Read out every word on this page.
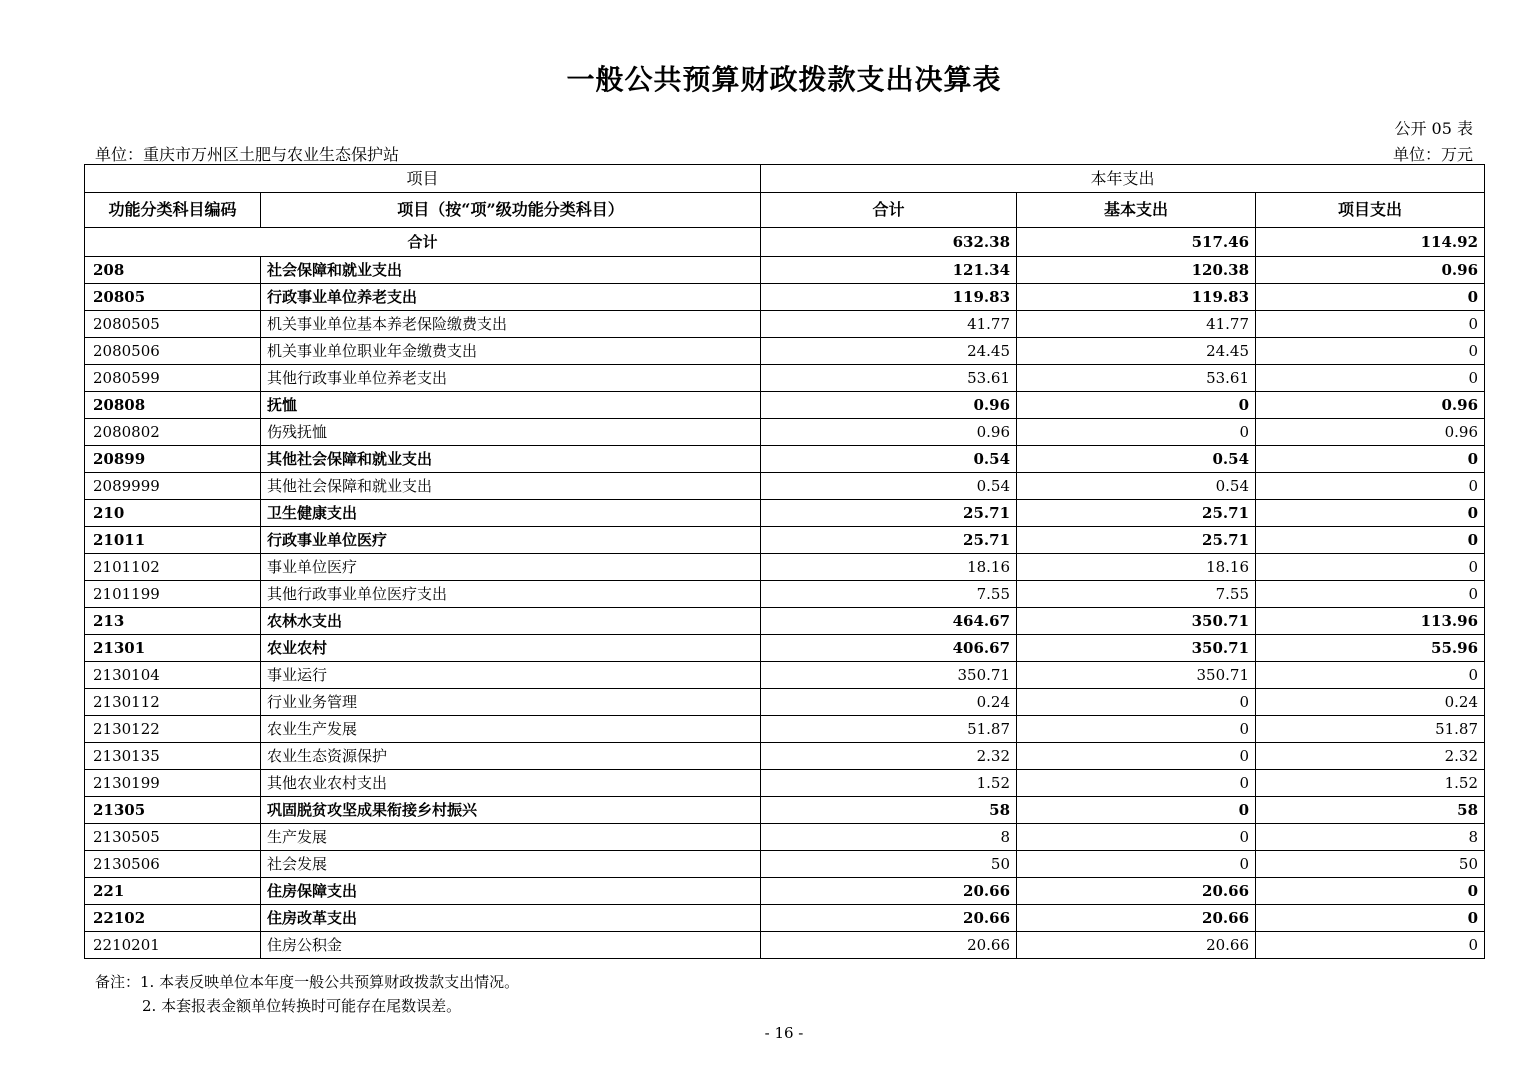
一般公共预算财政拨款支出决算表
公开 05 表
单位：重庆市万州区土肥与农业生态保护站	单位：万元
项目		本年支出		
功能分类科目编码	项目（按“项”级功能分类科目）	合计	基本支出	项目支出
合计		632.38	517.46	114.92
208	社会保障和就业支出	121.34	120.38	0.96
20805	行政事业单位养老支出	119.83	119.83	0
2080505	机关事业单位基本养老保险缴费支出	41.77	41.77	0
2080506	机关事业单位职业年金缴费支出	24.45	24.45	0
2080599	其他行政事业单位养老支出	53.61	53.61	0
20808	抚恤	0.96	0	0.96
2080802	伤残抚恤	0.96	0	0.96
20899	其他社会保障和就业支出	0.54	0.54	0
2089999	其他社会保障和就业支出	0.54	0.54	0
210	卫生健康支出	25.71	25.71	0
21011	行政事业单位医疗	25.71	25.71	0
2101102	事业单位医疗	18.16	18.16	0
2101199	其他行政事业单位医疗支出	7.55	7.55	0
213	农林水支出	464.67	350.71	113.96
21301	农业农村	406.67	350.71	55.96
2130104	事业运行	350.71	350.71	0
2130112	行业业务管理	0.24	0	0.24
2130122	农业生产发展	51.87	0	51.87
2130135	农业生态资源保护	2.32	0	2.32
2130199	其他农业农村支出	1.52	0	1.52
21305	巩固脱贫攻坚成果衔接乡村振兴	58	0	58
2130505	生产发展	8	0	8
2130506	社会发展	50	0	50
221	住房保障支出	20.66	20.66	0
22102	住房改革支出	20.66	20.66	0
2210201	住房公积金	20.66	20.66	0
备注：1. 本表反映单位本年度一般公共预算财政拨款支出情况。
2. 本套报表金额单位转换时可能存在尾数误差。
- 16 -
